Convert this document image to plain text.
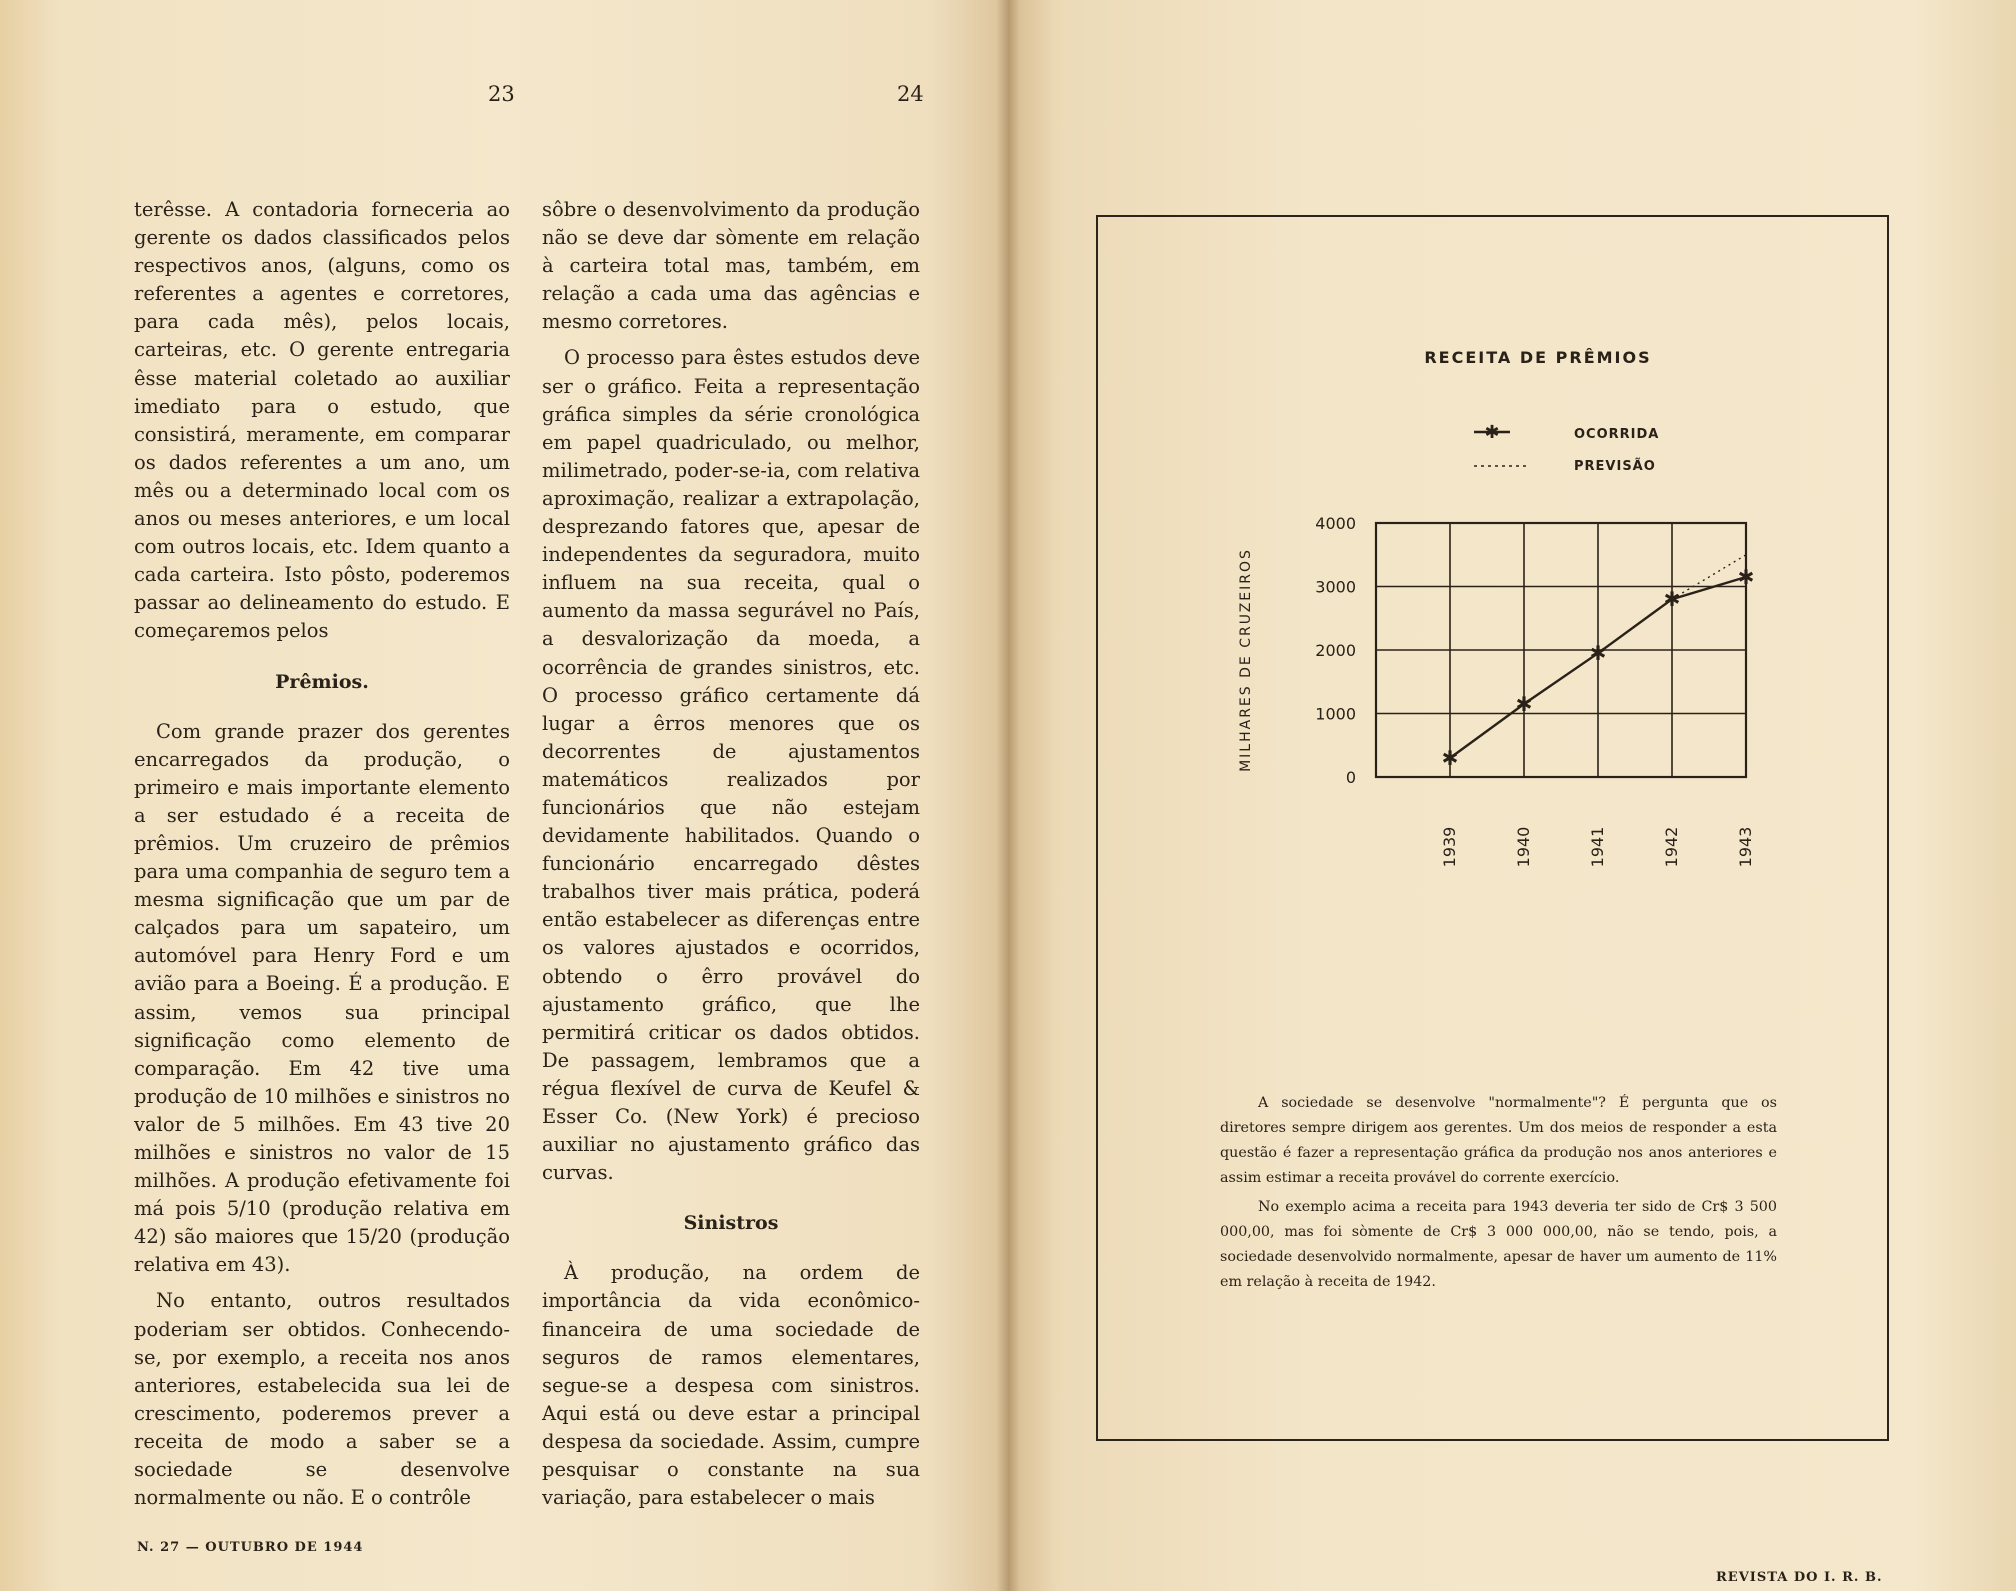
23	24

terêsse. A contadoria forneceria ao gerente os dados classificados pelos respectivos anos, (alguns, como os referentes a agentes e corretores, para cada mês), pelos locais, carteiras, etc. O gerente entregaria êsse material coletado ao auxiliar imediato para o estudo, que consistirá, meramente, em comparar os dados referentes a um ano, um mês ou a determinado local com os anos ou meses anteriores, e um local com outros locais, etc. Idem quanto a cada carteira. Isto pôsto, poderemos passar ao delineamento do estudo. E começaremos pelos

Prêmios.

Com grande prazer dos gerentes encarregados da produção, o primeiro e mais importante elemento a ser estudado é a receita de prêmios. Um cruzeiro de prêmios para uma companhia de seguro tem a mesma significação que um par de calçados para um sapateiro, um automóvel para Henry Ford e um avião para a Boeing. É a produção. E assim, vemos sua principal significação como elemento de comparação. Em 42 tive uma produção de 10 milhões e sinistros no valor de 5 milhões. Em 43 tive 20 milhões e sinistros no valor de 15 milhões. A produção efetivamente foi má pois 5/10 (produção relativa em 42) são maiores que 15/20 (produção relativa em 43).

No entanto, outros resultados poderiam ser obtidos. Conhecendo-se, por exemplo, a receita nos anos anteriores, estabelecida sua lei de crescimento, poderemos prever a receita de modo a saber se a sociedade se desenvolve normalmente ou não. E o contrôle

sôbre o desenvolvimento da produção não se deve dar sòmente em relação à carteira total mas, também, em relação a cada uma das agências e mesmo corretores.

O processo para êstes estudos deve ser o gráfico. Feita a representação gráfica simples da série cronológica em papel quadriculado, ou melhor, milimetrado, poder-se-ia, com relativa aproximação, realizar a extrapolação, desprezando fatores que, apesar de independentes da seguradora, muito influem na sua receita, qual o aumento da massa segurável no País, a desvalorização da moeda, a ocorrência de grandes sinistros, etc. O processo gráfico certamente dá lugar a êrros menores que os decorrentes de ajustamentos matemáticos realizados por funcionários que não estejam devidamente habilitados. Quando o funcionário encarregado dêstes trabalhos tiver mais prática, poderá então estabelecer as diferenças entre os valores ajustados e ocorridos, obtendo o êrro provável do ajustamento gráfico, que lhe permitirá criticar os dados obtidos. De passagem, lembramos que a régua flexível de curva de Keufel & Esser Co. (New York) é precioso auxiliar no ajustamento gráfico das curvas.

Sinistros

À produção, na ordem de importância da vida econômico-financeira de uma sociedade de seguros de ramos elementares, segue-se a despesa com sinistros. Aqui está ou deve estar a principal despesa da sociedade. Assim, cumpre pesquisar o constante na sua variação, para estabelecer o mais

N. 27 — OUTUBRO DE 1944
RECEITA DE PRÊMIOS
✱	OCORRIDA
PREVISÃO
MILHARES DE CRUZEIROS
0
1000
2000
3000
4000
1939	1940	1941	1942	1943
✱
✱
✱
✱
✱

A sociedade se desenvolve "normalmente"? É pergunta que os diretores sempre dirigem aos gerentes. Um dos meios de responder a esta questão é fazer a representação gráfica da produção nos anos anteriores e assim estimar a receita provável do corrente exercício.

No exemplo acima a receita para 1943 deveria ter sido de Cr$ 3 500 000,00, mas foi sòmente de Cr$ 3 000 000,00, não se tendo, pois, a sociedade desenvolvido normalmente, apesar de haver um aumento de 11% em relação à receita de 1942.

REVISTA DO I. R. B.
